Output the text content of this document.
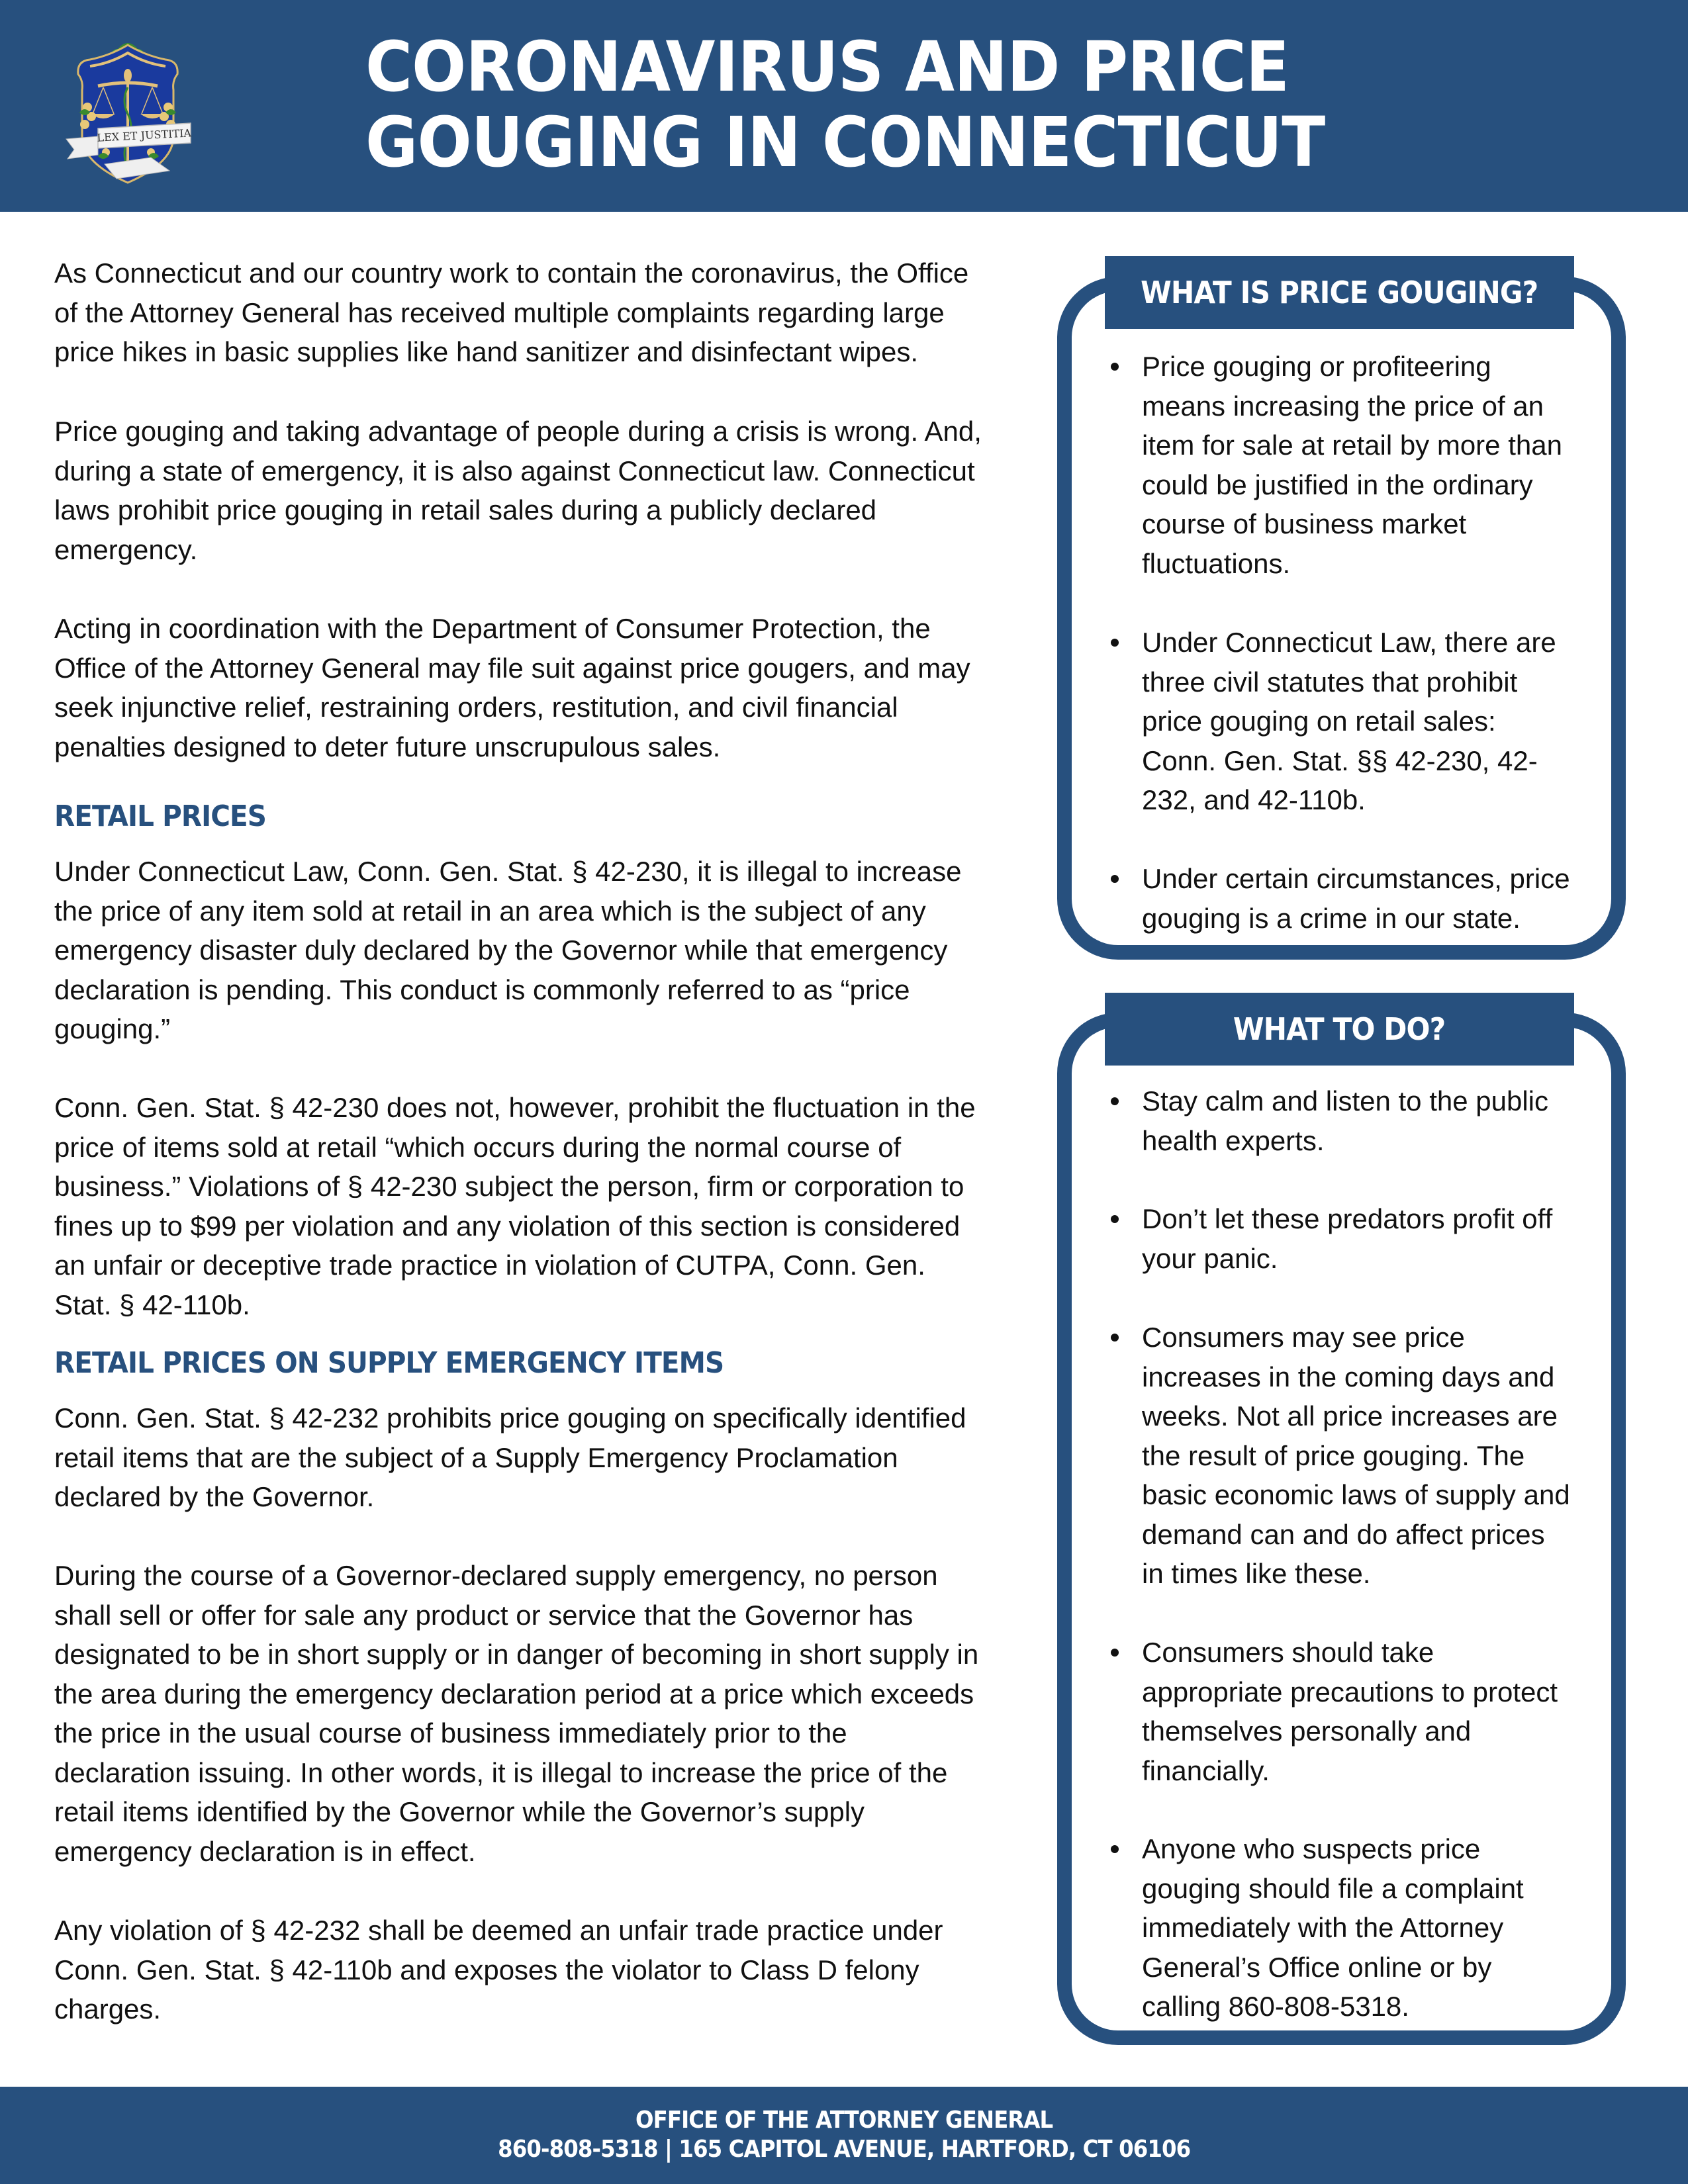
LEX ET JUSTITIA
CORONAVIRUS AND PRICE
GOUGING IN CONNECTICUT
As Connecticut and our country work to contain the coronavirus, the Office
of the Attorney General has received multiple complaints regarding large
price hikes in basic supplies like hand sanitizer and disinfectant wipes.
Price gouging and taking advantage of people during a crisis is wrong. And,
during a state of emergency, it is also against Connecticut law. Connecticut
laws prohibit price gouging in retail sales during a publicly declared
emergency.
Acting in coordination with the Department of Consumer Protection, the
Office of the Attorney General may file suit against price gougers, and may
seek injunctive relief, restraining orders, restitution, and civil financial
penalties designed to deter future unscrupulous sales.
RETAIL PRICES
Under Connecticut Law, Conn. Gen. Stat. § 42-230, it is illegal to increase
the price of any item sold at retail in an area which is the subject of any
emergency disaster duly declared by the Governor while that emergency
declaration is pending. This conduct is commonly referred to as “price
gouging.”
Conn. Gen. Stat. § 42-230 does not, however, prohibit the fluctuation in the
price of items sold at retail “which occurs during the normal course of
business.” Violations of § 42-230 subject the person, firm or corporation to
fines up to $99 per violation and any violation of this section is considered
an unfair or deceptive trade practice in violation of CUTPA, Conn. Gen.
Stat. § 42-110b.
RETAIL PRICES ON SUPPLY EMERGENCY ITEMS
Conn. Gen. Stat. § 42-232 prohibits price gouging on specifically identified
retail items that are the subject of a Supply Emergency Proclamation
declared by the Governor.
During the course of a Governor-declared supply emergency, no person
shall sell or offer for sale any product or service that the Governor has
designated to be in short supply or in danger of becoming in short supply in
the area during the emergency declaration period at a price which exceeds
the price in the usual course of business immediately prior to the
declaration issuing. In other words, it is illegal to increase the price of the
retail items identified by the Governor while the Governor’s supply
emergency declaration is in effect.
Any violation of § 42-232 shall be deemed an unfair trade practice under
Conn. Gen. Stat. § 42-110b and exposes the violator to Class D felony
charges.
WHAT IS PRICE GOUGING?
Price gouging or profiteering
means increasing the price of an
item for sale at retail by more than
could be justified in the ordinary
course of business market
fluctuations.
Under Connecticut Law, there are
three civil statutes that prohibit
price gouging on retail sales:
Conn. Gen. Stat. §§ 42-230, 42-
232, and 42-110b.
Under certain circumstances, price
gouging is a crime in our state.
WHAT TO DO?
Stay calm and listen to the public
health experts.
Don’t let these predators profit off
your panic.
Consumers may see price
increases in the coming days and
weeks. Not all price increases are
the result of price gouging. The
basic economic laws of supply and
demand can and do affect prices
in times like these.
Consumers should take
appropriate precautions to protect
themselves personally and
financially.
Anyone who suspects price
gouging should file a complaint
immediately with the Attorney
General’s Office online or by
calling 860-808-5318.
OFFICE OF THE ATTORNEY GENERAL
860-808-5318 | 165 CAPITOL AVENUE, HARTFORD, CT 06106
